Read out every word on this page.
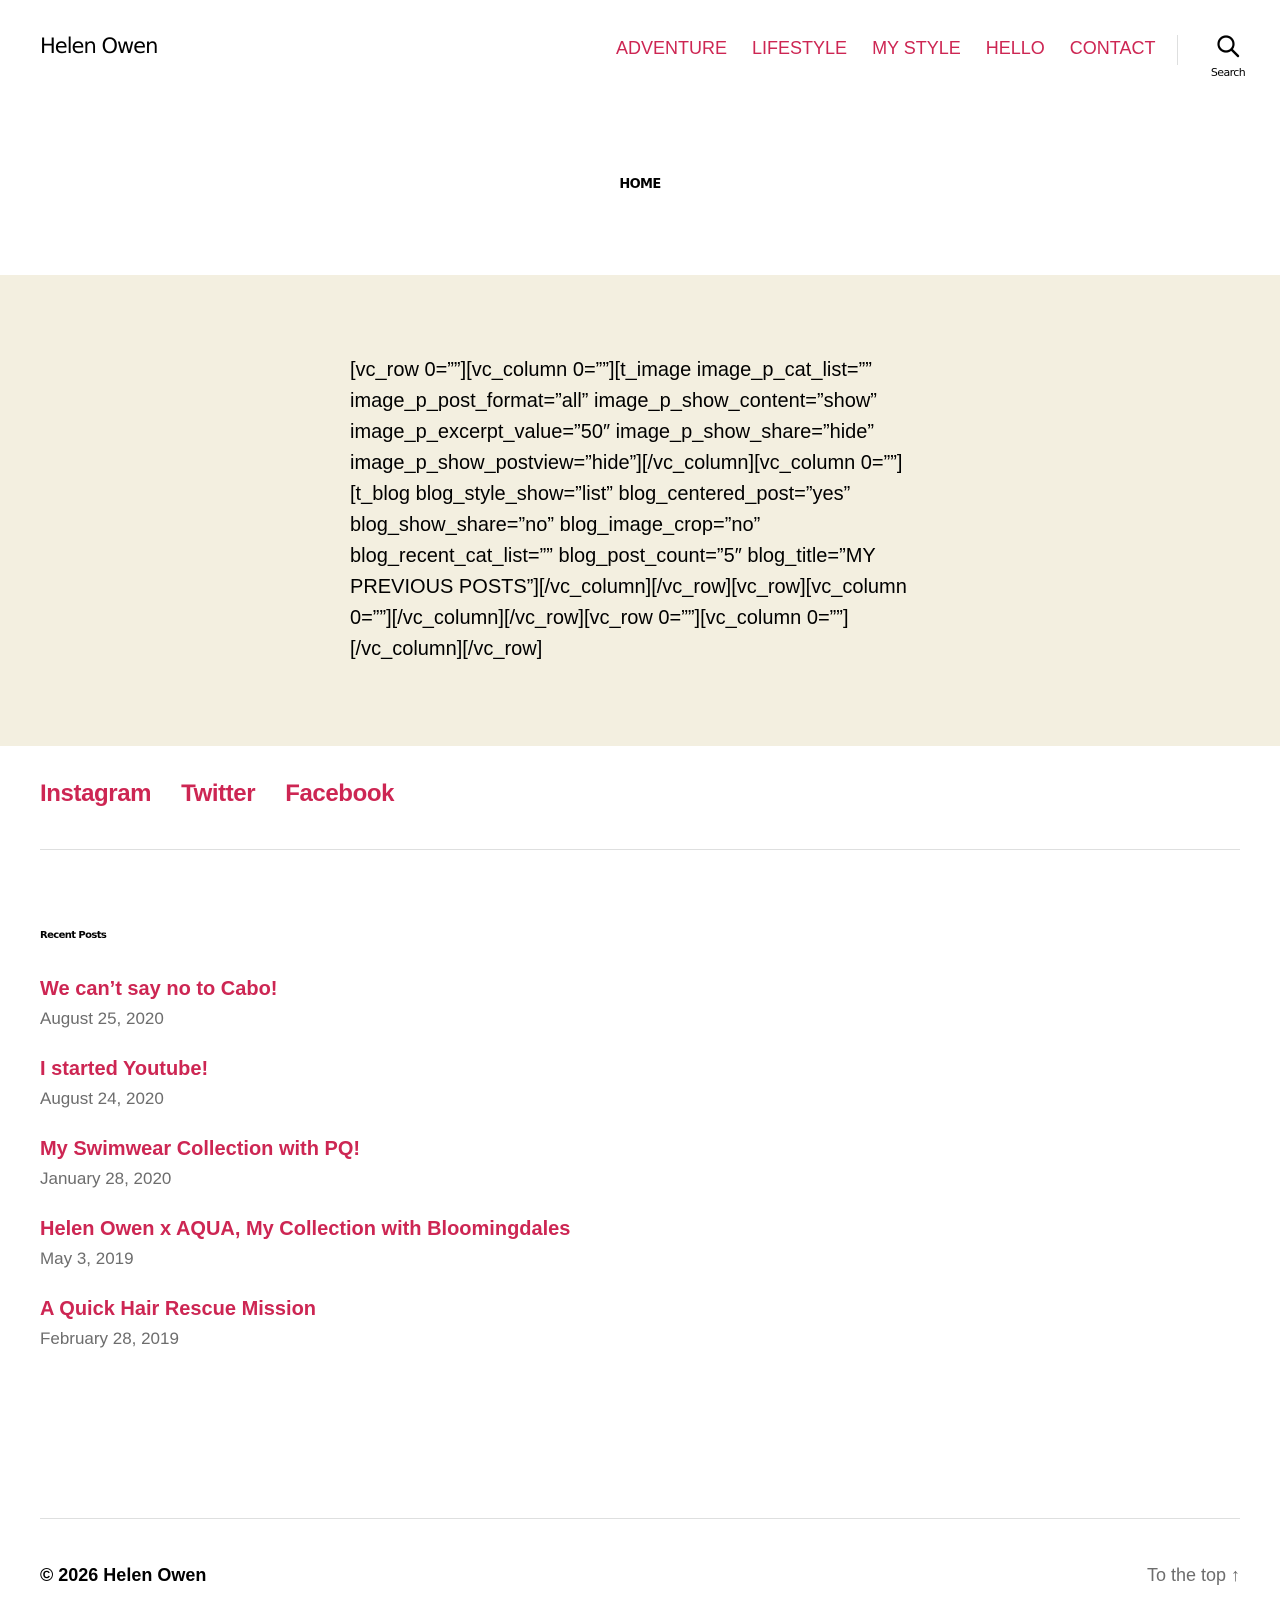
Helen Owen	ADVENTURE LIFESTYLE MY STYLE HELLO CONTACT
Search
HOME

[vc_row 0=””][vc_column 0=””][t_image image_p_cat_list=”” image_p_post_format=”all” image_p_show_content=”show” image_p_excerpt_value=”50″ image_p_show_share=”hide” image_p_show_postview=”hide”][/vc_column][vc_column 0=””][t_blog blog_style_show=”list” blog_centered_post=”yes” blog_show_share=”no” blog_image_crop=”no” blog_recent_cat_list=”” blog_post_count=”5″ blog_title=”MY PREVIOUS POSTS”][/vc_column][/vc_row][vc_row][vc_column 0=””][/vc_column][/vc_row][vc_row 0=””][vc_column 0=””][/vc_column][/vc_row]

Instagram Twitter Facebook
Recent Posts
We can’t say no to Cabo!
August 25, 2020
I started Youtube!
August 24, 2020
My Swimwear Collection with PQ!
January 28, 2020
Helen Owen x AQUA, My Collection with Bloomingdales
May 3, 2019
A Quick Hair Rescue Mission
February 28, 2019

© 2026 Helen Owen	To the top ↑
